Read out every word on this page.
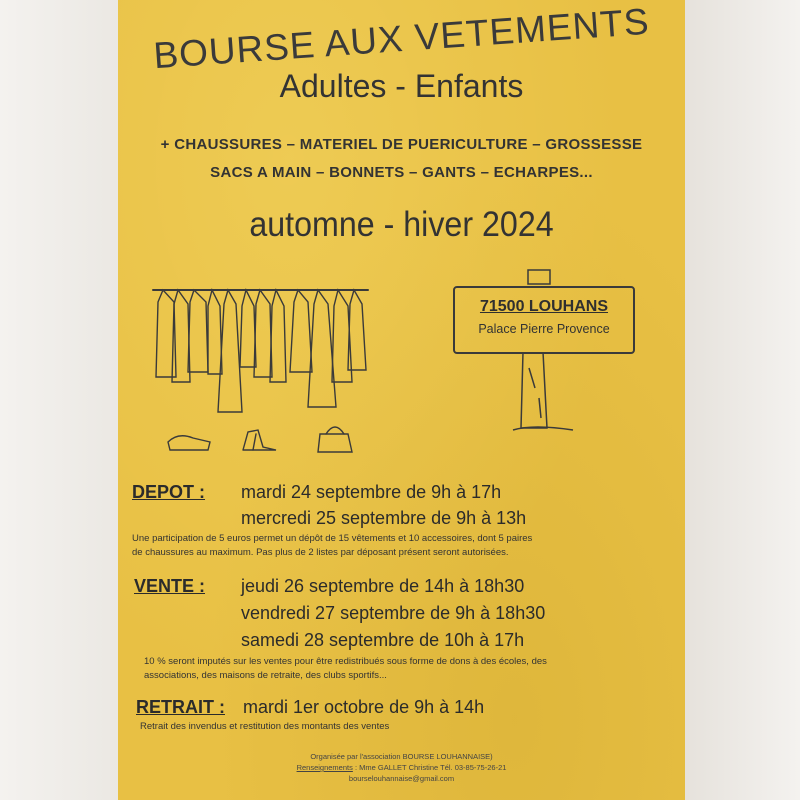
BOURSE AUX VETEMENTS
Adultes - Enfants
+ CHAUSSURES – MATERIEL DE PUERICULTURE – GROSSESSE
SACS A MAIN – BONNETS – GANTS – ECHARPES...
automne - hiver 2024
71500 LOUHANS
Palace Pierre Provence
DEPOT : mardi 24 septembre de 9h à 17h
mercredi 25 septembre de 9h à 13h
Une participation de 5 euros permet un dépôt de 15 vêtements et 10 accessoires, dont 5 paires
de chaussures au maximum. Pas plus de 2 listes par déposant présent seront autorisées.
VENTE : jeudi 26 septembre de 14h à 18h30
vendredi 27 septembre de 9h à 18h30
samedi 28 septembre de 10h à 17h
10 % seront imputés sur les ventes pour être redistribués sous forme de dons à des écoles, des
associations, des maisons de retraite, des clubs sportifs...
RETRAIT : mardi 1er octobre de 9h à 14h
Retrait des invendus et restitution des montants des ventes
Organisée par l'association BOURSE LOUHANNAISE)
Renseignements : Mme GALLET Christine Tél. 03-85-75-26-21
bourselouhannaise@gmail.com
